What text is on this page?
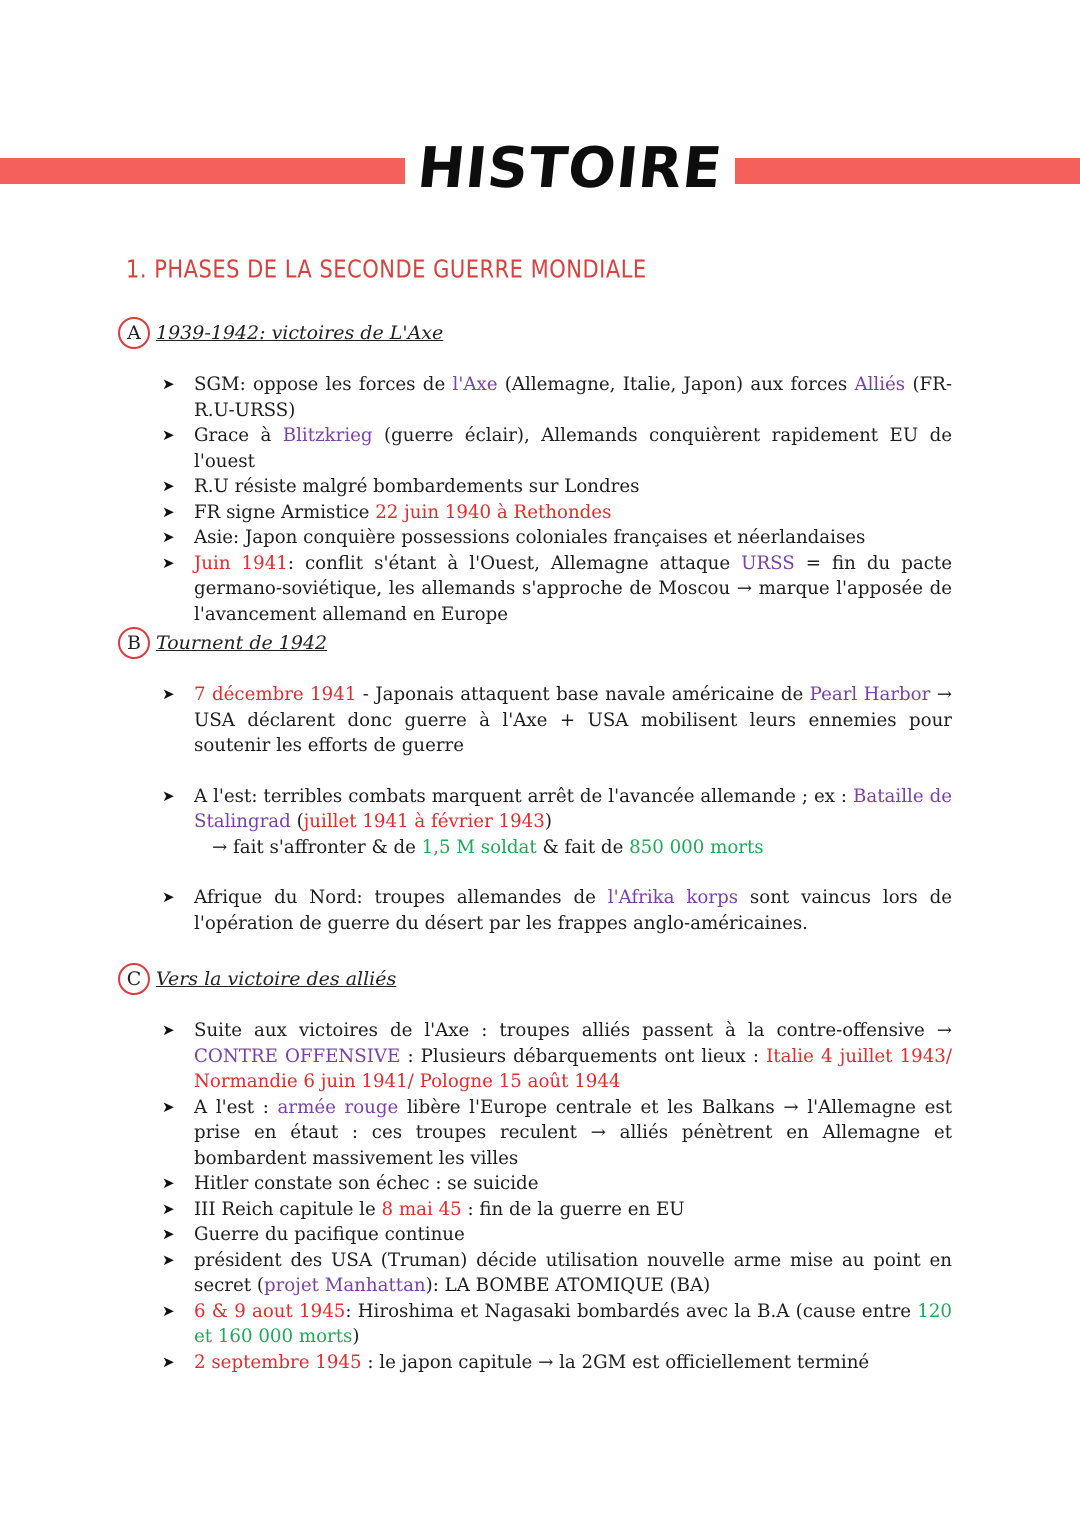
HISTOIRE
1. PHASES DE LA SECONDE GUERRE MONDIALE
A 1939-1942: victoires de L'Axe
➤ SGM: oppose les forces de l'Axe (Allemagne, Italie, Japon) aux forces Alliés (FR-R.U-URSS)
➤ Grace à Blitzkrieg (guerre éclair), Allemands conquièrent rapidement EU de l'ouest
➤ R.U résiste malgré bombardements sur Londres
➤ FR signe Armistice 22 juin 1940 à Rethondes
➤ Asie: Japon conquière possessions coloniales françaises et néerlandaises
➤ Juin 1941: conflit s'étant à l'Ouest, Allemagne attaque URSS = fin du pacte germano-soviétique, les allemands s'approche de Moscou → marque l'apposée de l'avancement allemand en Europe
B Tournent de 1942
➤ 7 décembre 1941 - Japonais attaquent base navale américaine de Pearl Harbor → USA déclarent donc guerre à l'Axe + USA mobilisent leurs ennemies pour soutenir les efforts de guerre
➤ A l'est: terribles combats marquent arrêt de l'avancée allemande ; ex : Bataille de Stalingrad (juillet 1941 à février 1943)
→ fait s'affronter & de 1,5 M soldat & fait de 850 000 morts
➤ Afrique du Nord: troupes allemandes de l'Afrika korps sont vaincus lors de l'opération de guerre du désert par les frappes anglo-américaines.
C Vers la victoire des alliés
➤ Suite aux victoires de l'Axe : troupes alliés passent à la contre-offensive → CONTRE OFFENSIVE : Plusieurs débarquements ont lieux : Italie 4 juillet 1943/ Normandie 6 juin 1941/ Pologne 15 août 1944
➤ A l'est : armée rouge libère l'Europe centrale et les Balkans → l'Allemagne est prise en étaut : ces troupes reculent → alliés pénètrent en Allemagne et bombardent massivement les villes
➤ Hitler constate son échec : se suicide
➤ III Reich capitule le 8 mai 45 : fin de la guerre en EU
➤ Guerre du pacifique continue
➤ président des USA (Truman) décide utilisation nouvelle arme mise au point en secret (projet Manhattan): LA BOMBE ATOMIQUE (BA)
➤ 6 & 9 aout 1945: Hiroshima et Nagasaki bombardés avec la B.A (cause entre 120 et 160 000 morts)
➤ 2 septembre 1945 : le japon capitule → la 2GM est officiellement terminé
